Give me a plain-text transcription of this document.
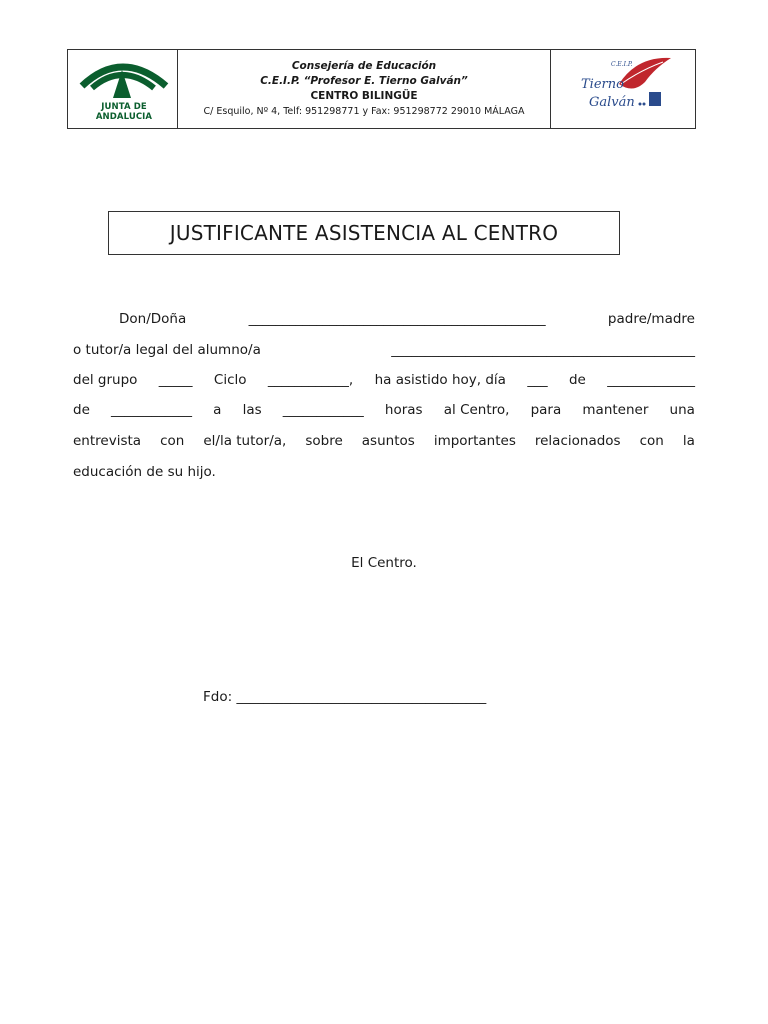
JUNTA DE ANDALUCIA
Consejería de Educación
C.E.I.P. “Profesor E. Tierno Galván”
CENTRO BILINGÜE
C/ Esquilo, Nº 4, Telf: 951298771 y Fax: 951298772 29010 MÁLAGA
C.E.I.P.
Tierno
Galván
JUSTIFICANTE ASISTENCIA AL CENTRO
Don/Doña	____________________________________________	padre/madre
o tutor/a legal del alumno/a	_____________________________________________
del grupo _____ Ciclo ____________, ha asistido hoy, día ___ de _____________
de ____________ a las ____________ horas al Centro, para mantener una
entrevista con el/la tutor/a, sobre asuntos importantes relacionados con la
educación de su hijo.
El Centro.
Fdo: _____________________________________
